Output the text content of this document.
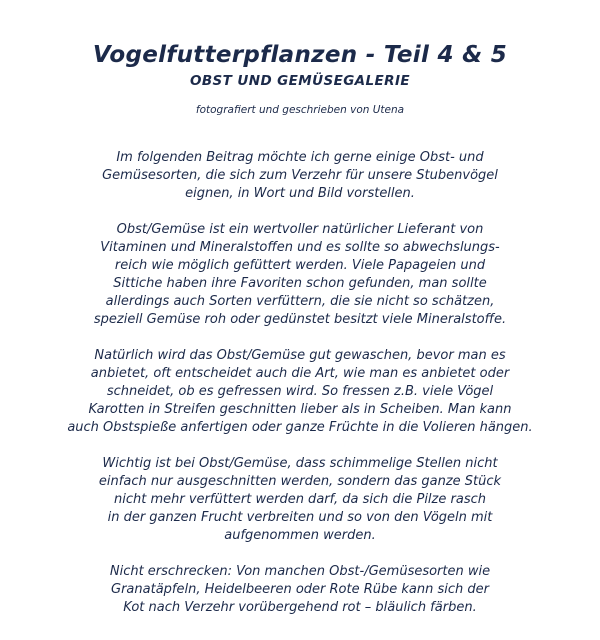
Vogelfutterpflanzen - Teil 4 & 5
OBST UND GEMÜSEGALERIE

fotografiert und geschrieben von Utena

Im folgenden Beitrag möchte ich gerne einige Obst- und
Gemüsesorten, die sich zum Verzehr für unsere Stubenvögel
eignen, in Wort und Bild vorstellen.

Obst/Gemüse ist ein wertvoller natürlicher Lieferant von
Vitaminen und Mineralstoffen und es sollte so abwechslungs-
reich wie möglich gefüttert werden. Viele Papageien und
Sittiche haben ihre Favoriten schon gefunden, man sollte
allerdings auch Sorten verfüttern, die sie nicht so schätzen,
speziell Gemüse roh oder gedünstet besitzt viele Mineralstoffe.

Natürlich wird das Obst/Gemüse gut gewaschen, bevor man es
anbietet, oft entscheidet auch die Art, wie man es anbietet oder
schneidet, ob es gefressen wird. So fressen z.B. viele Vögel
Karotten in Streifen geschnitten lieber als in Scheiben. Man kann
auch Obstspieße anfertigen oder ganze Früchte in die Volieren hängen.

Wichtig ist bei Obst/Gemüse, dass schimmelige Stellen nicht
einfach nur ausgeschnitten werden, sondern das ganze Stück
nicht mehr verfüttert werden darf, da sich die Pilze rasch
in der ganzen Frucht verbreiten und so von den Vögeln mit
aufgenommen werden.

Nicht erschrecken: Von manchen Obst-/Gemüsesorten wie
Granatäpfeln, Heidelbeeren oder Rote Rübe kann sich der
Kot nach Verzehr vorübergehend rot – bläulich färben.
